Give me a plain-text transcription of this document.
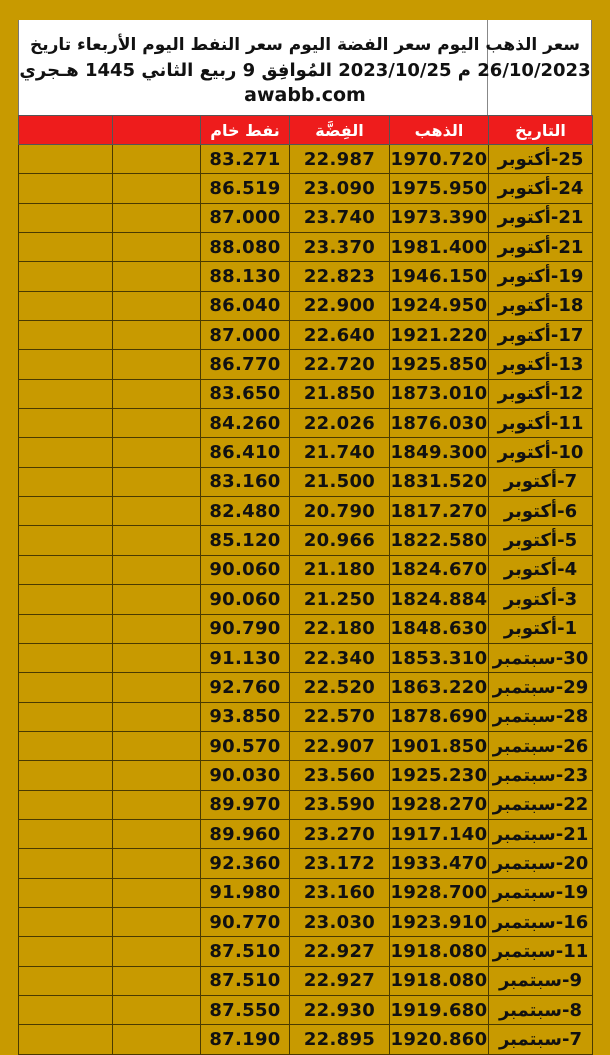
سعر الذهب اليوم سعر الفضة اليوم سعر النفط اليوم الأربعاء تاريخ
26/10/2023 م 2023/10/25 المُوافِق 9 ربيع الثاني 1445 هـجري
awabb.com
التاريخ	الذهب	الفِضَّة	نفط خام		
25-أكتوبر	1970.720	22.987	83.271		
24-أكتوبر	1975.950	23.090	86.519		
21-أكتوبر	1973.390	23.740	87.000		
21-أكتوبر	1981.400	23.370	88.080		
19-أكتوبر	1946.150	22.823	88.130		
18-أكتوبر	1924.950	22.900	86.040		
17-أكتوبر	1921.220	22.640	87.000		
13-أكتوبر	1925.850	22.720	86.770		
12-أكتوبر	1873.010	21.850	83.650		
11-أكتوبر	1876.030	22.026	84.260		
10-أكتوبر	1849.300	21.740	86.410		
7-أكتوبر	1831.520	21.500	83.160		
6-أكتوبر	1817.270	20.790	82.480		
5-أكتوبر	1822.580	20.966	85.120		
4-أكتوبر	1824.670	21.180	90.060		
3-أكتوبر	1824.884	21.250	90.060		
1-أكتوبر	1848.630	22.180	90.790		
30-سبتمبر	1853.310	22.340	91.130		
29-سبتمبر	1863.220	22.520	92.760		
28-سبتمبر	1878.690	22.570	93.850		
26-سبتمبر	1901.850	22.907	90.570		
23-سبتمبر	1925.230	23.560	90.030		
22-سبتمبر	1928.270	23.590	89.970		
21-سبتمبر	1917.140	23.270	89.960		
20-سبتمبر	1933.470	23.172	92.360		
19-سبتمبر	1928.700	23.160	91.980		
16-سبتمبر	1923.910	23.030	90.770		
11-سبتمبر	1918.080	22.927	87.510		
9-سبتمبر	1918.080	22.927	87.510		
8-سبتمبر	1919.680	22.930	87.550		
7-سبتمبر	1920.860	22.895	87.190		
